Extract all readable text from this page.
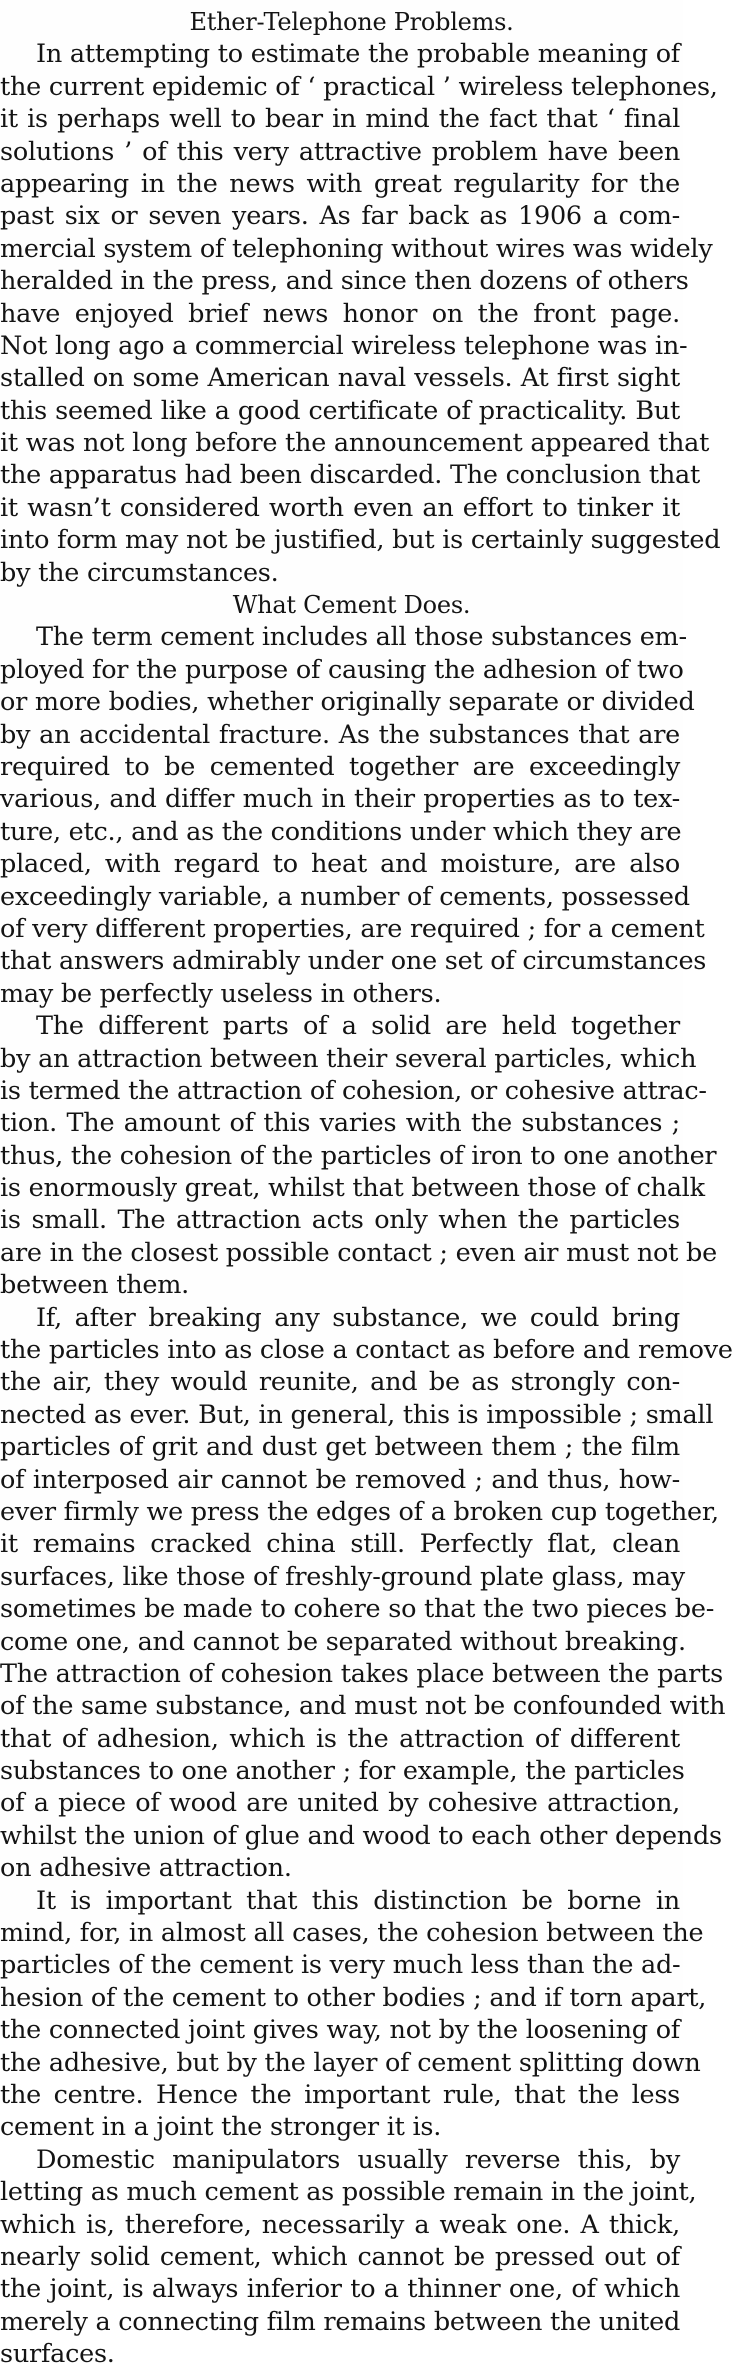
Ether-Telephone Problems.
In attempting to estimate the probable meaning of
the current epidemic of ‘ practical ’ wireless telephones,
it is perhaps well to bear in mind the fact that ‘ final
solutions ’ of this very attractive problem have been
appearing in the news with great regularity for the
past six or seven years. As far back as 1906 a com-
mercial system of telephoning without wires was widely
heralded in the press, and since then dozens of others
have enjoyed brief news honor on the front page.
Not long ago a commercial wireless telephone was in-
stalled on some American naval vessels. At first sight
this seemed like a good certificate of practicality. But
it was not long before the announcement appeared that
the apparatus had been discarded. The conclusion that
it wasn’t considered worth even an effort to tinker it
into form may not be justified, but is certainly suggested
by the circumstances.
What Cement Does.
The term cement includes all those substances em-
ployed for the purpose of causing the adhesion of two
or more bodies, whether originally separate or divided
by an accidental fracture. As the substances that are
required to be cemented together are exceedingly
various, and differ much in their properties as to tex-
ture, etc., and as the conditions under which they are
placed, with regard to heat and moisture, are also
exceedingly variable, a number of cements, possessed
of very different properties, are required ; for a cement
that answers admirably under one set of circumstances
may be perfectly useless in others.
The different parts of a solid are held together
by an attraction between their several particles, which
is termed the attraction of cohesion, or cohesive attrac-
tion. The amount of this varies with the substances ;
thus, the cohesion of the particles of iron to one another
is enormously great, whilst that between those of chalk
is small. The attraction acts only when the particles
are in the closest possible contact ; even air must not be
between them.
If, after breaking any substance, we could bring
the particles into as close a contact as before and remove
the air, they would reunite, and be as strongly con-
nected as ever. But, in general, this is impossible ; small
particles of grit and dust get between them ; the film
of interposed air cannot be removed ; and thus, how-
ever firmly we press the edges of a broken cup together,
it remains cracked china still. Perfectly flat, clean
surfaces, like those of freshly-ground plate glass, may
sometimes be made to cohere so that the two pieces be-
come one, and cannot be separated without breaking.
The attraction of cohesion takes place between the parts
of the same substance, and must not be confounded with
that of adhesion, which is the attraction of different
substances to one another ; for example, the particles
of a piece of wood are united by cohesive attraction,
whilst the union of glue and wood to each other depends
on adhesive attraction.
It is important that this distinction be borne in
mind, for, in almost all cases, the cohesion between the
particles of the cement is very much less than the ad-
hesion of the cement to other bodies ; and if torn apart,
the connected joint gives way, not by the loosening of
the adhesive, but by the layer of cement splitting down
the centre. Hence the important rule, that the less
cement in a joint the stronger it is.
Domestic manipulators usually reverse this, by
letting as much cement as possible remain in the joint,
which is, therefore, necessarily a weak one. A thick,
nearly solid cement, which cannot be pressed out of
the joint, is always inferior to a thinner one, of which
merely a connecting film remains between the united
surfaces.
